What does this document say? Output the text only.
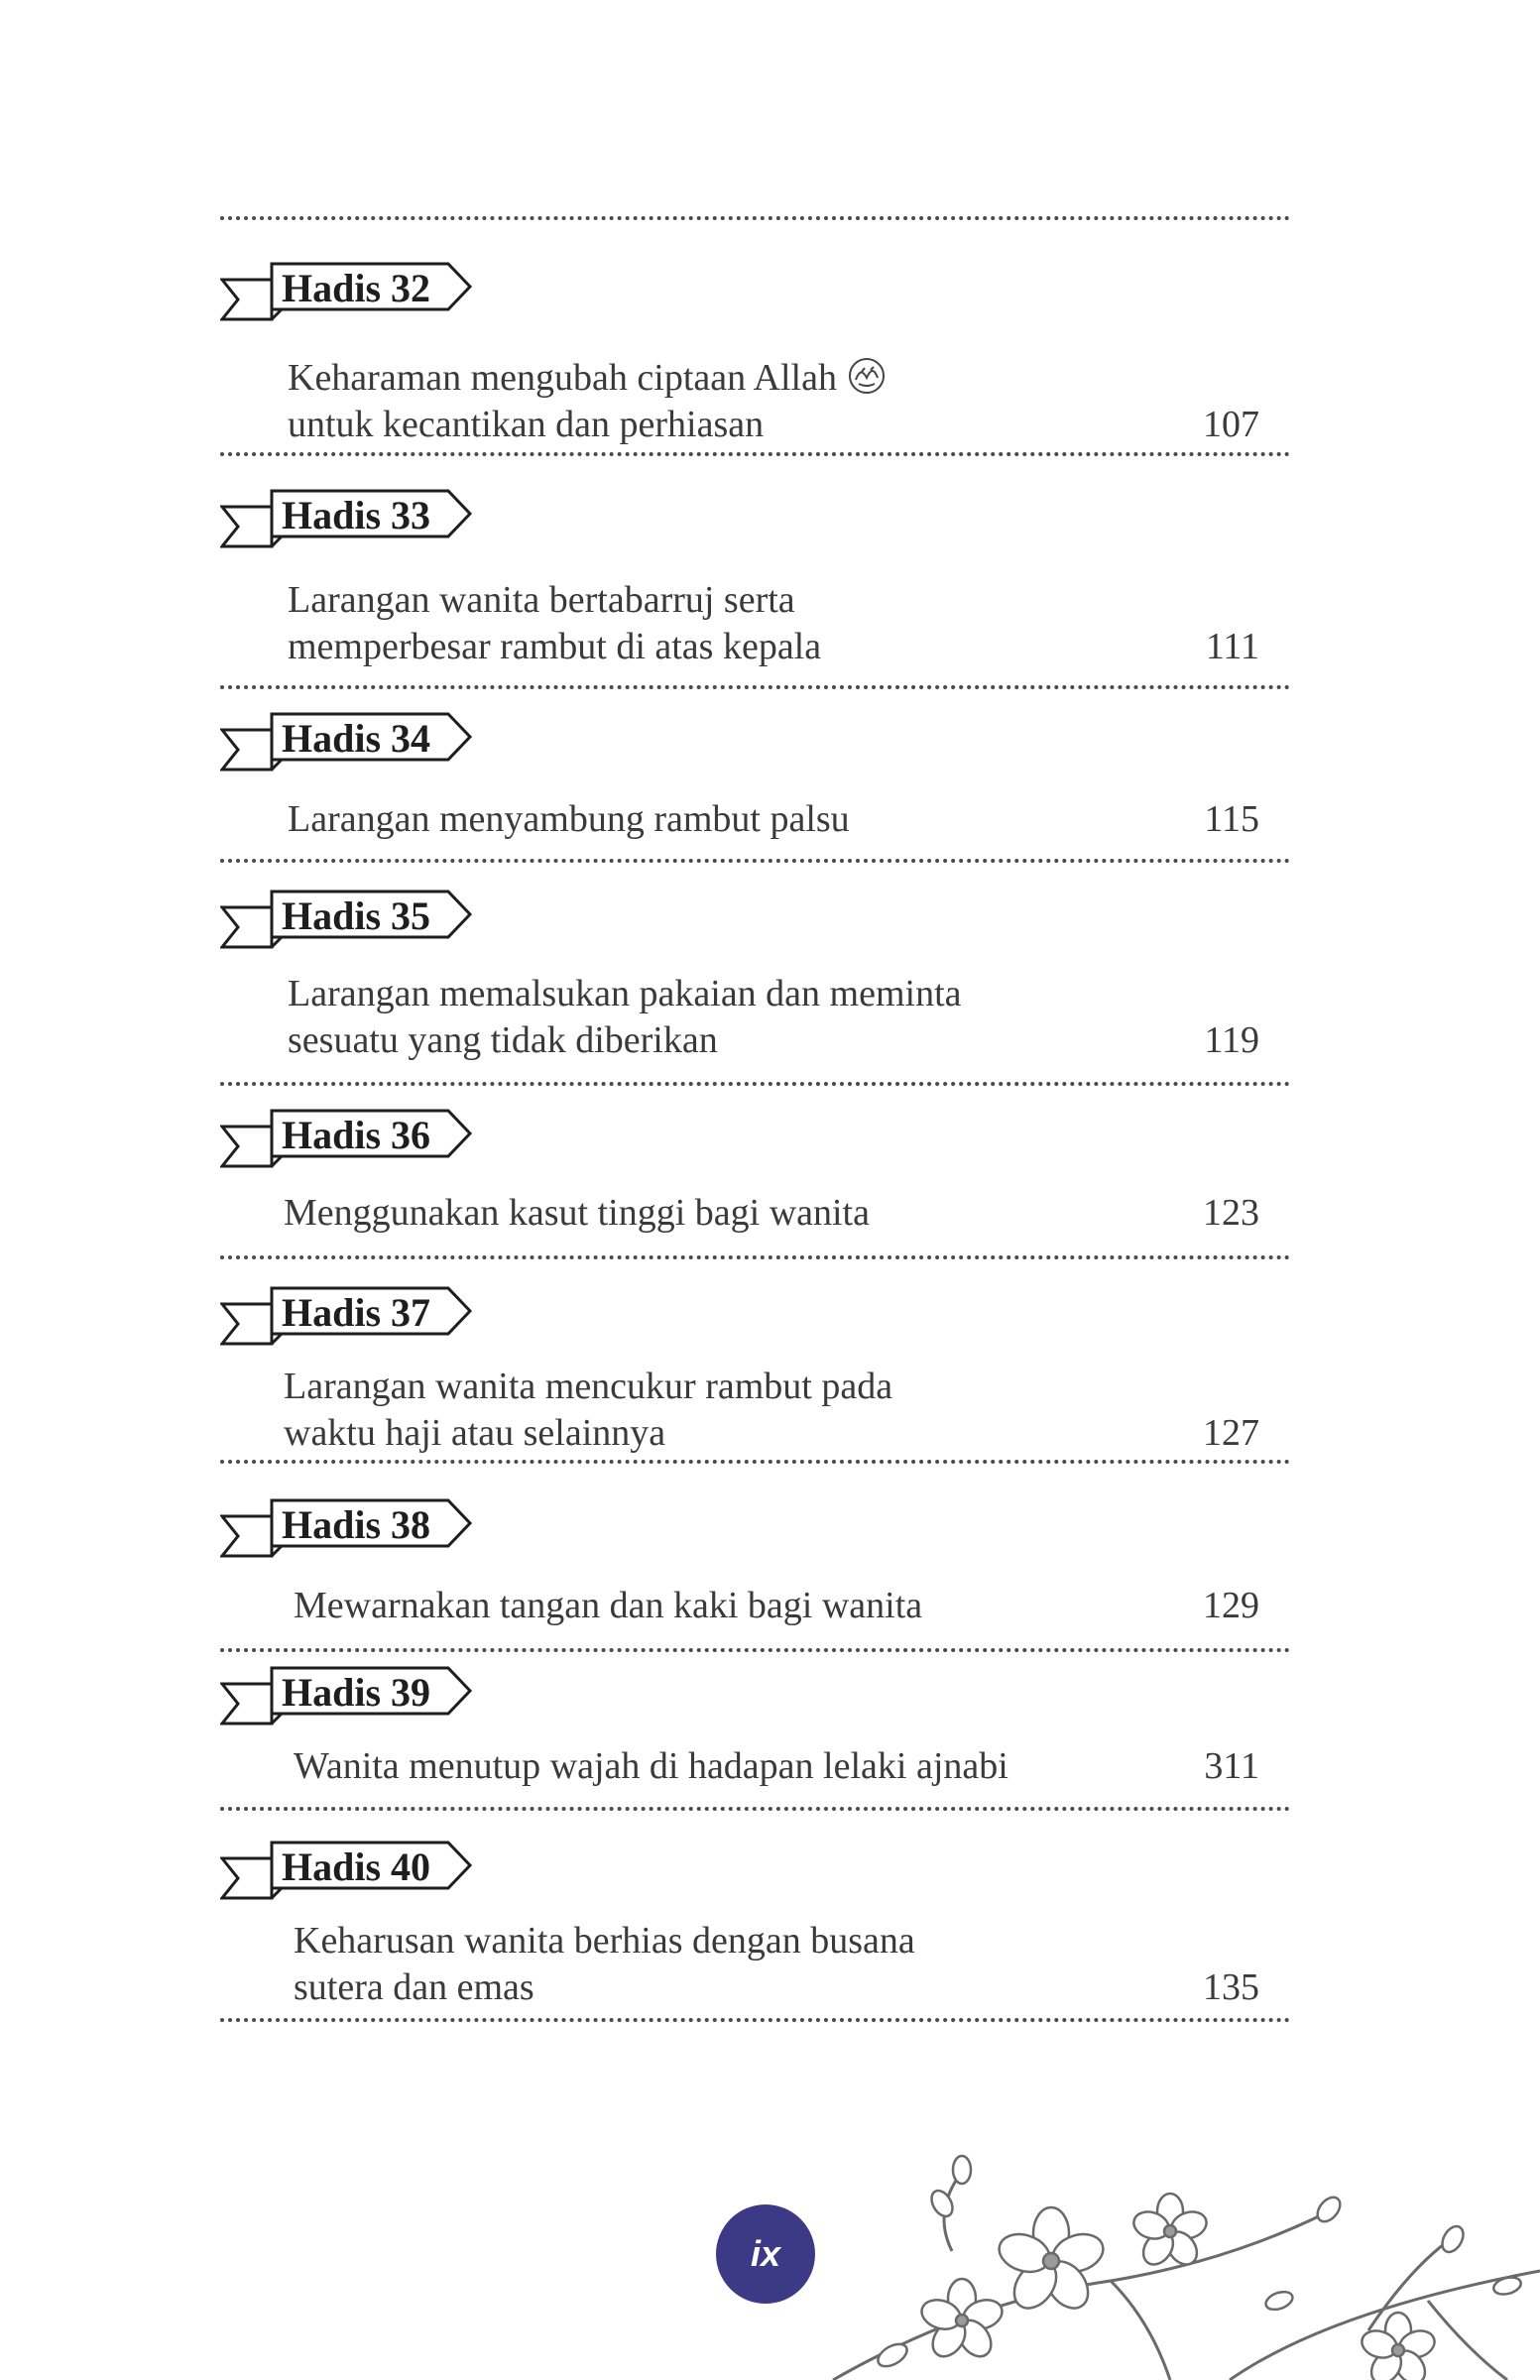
Hadis 32
Keharaman mengubah ciptaan Allah
untuk kecantikan dan perhiasan	107
Hadis 33
Larangan wanita bertabarruj serta
memperbesar rambut di atas kepala	111
Hadis 34
Larangan menyambung rambut palsu	115
Hadis 35
Larangan memalsukan pakaian dan meminta
sesuatu yang tidak diberikan	119
Hadis 36
Menggunakan kasut tinggi bagi wanita	123
Hadis 37
Larangan wanita mencukur rambut pada
waktu haji atau selainnya	127
Hadis 38
Mewarnakan tangan dan kaki bagi wanita	129
Hadis 39
Wanita menutup wajah di hadapan lelaki ajnabi	311
Hadis 40
Keharusan wanita berhias dengan busana
sutera dan emas	135
ix
